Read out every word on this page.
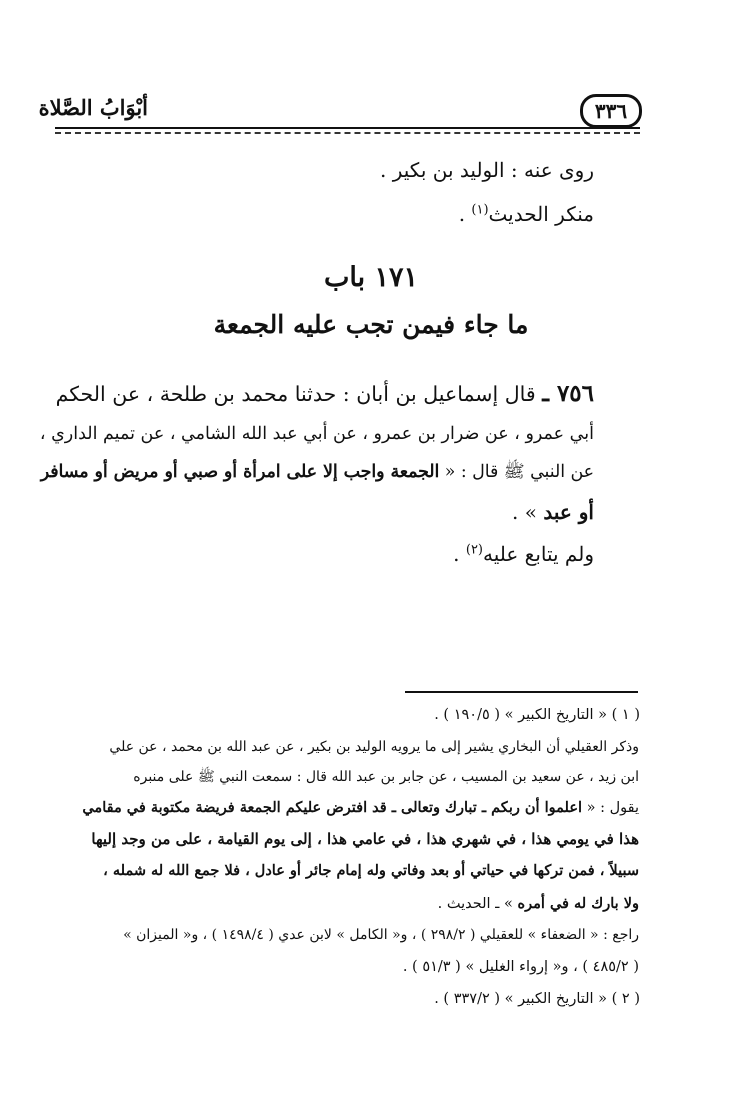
أبْوَابُ الصَّلاة	٣٣٦
روى عنه : الوليد بن بكير .
منكر الحديث$^{(١)}$ .
١٧١ باب
ما جاء فيمن تجب عليه الجمعة
٧٥٦ ـ قال إسماعيل بن أبان : حدثنا محمد بن طلحة ، عن الحكم
أبي عمرو ، عن ضرار بن عمرو ، عن أبي عبد الله الشامي ، عن تميم الداري ،
عن النبي ﷺ قال : « الجمعة واجب إلا على امرأة أو صبي أو مريض أو مسافر
أو عبد » .
ولم يتابع عليه$^{(٢)}$ .
( ١ ) « التاريخ الكبير » ( ١٩٠/٥ ) .
وذكر العقيلي أن البخاري يشير إلى ما يرويه الوليد بن بكير ، عن عبد الله بن محمد ، عن علي
ابن زيد ، عن سعيد بن المسيب ، عن جابر بن عبد الله قال : سمعت النبي ﷺ على منبره
يقول : « اعلموا أن ربكم ـ تبارك وتعالى ـ قد افترض عليكم الجمعة فريضة مكتوبة في مقامي
هذا في يومي هذا ، في شهري هذا ، في عامي هذا ، إلى يوم القيامة ، على من وجد إليها
سبيلاً ، فمن تركها في حياتي أو بعد وفاتي وله إمام جائر أو عادل ، فلا جمع الله له شمله ،
ولا بارك له في أمره » ـ الحديث .
راجع : « الضعفاء » للعقيلي ( ٢٩٨/٢ ) ، و« الكامل » لابن عدي ( ١٤٩٨/٤ ) ، و« الميزان »
( ٤٨٥/٢ ) ، و« إرواء الغليل » ( ٥١/٣ ) .
( ٢ ) « التاريخ الكبير » ( ٣٣٧/٢ ) .
